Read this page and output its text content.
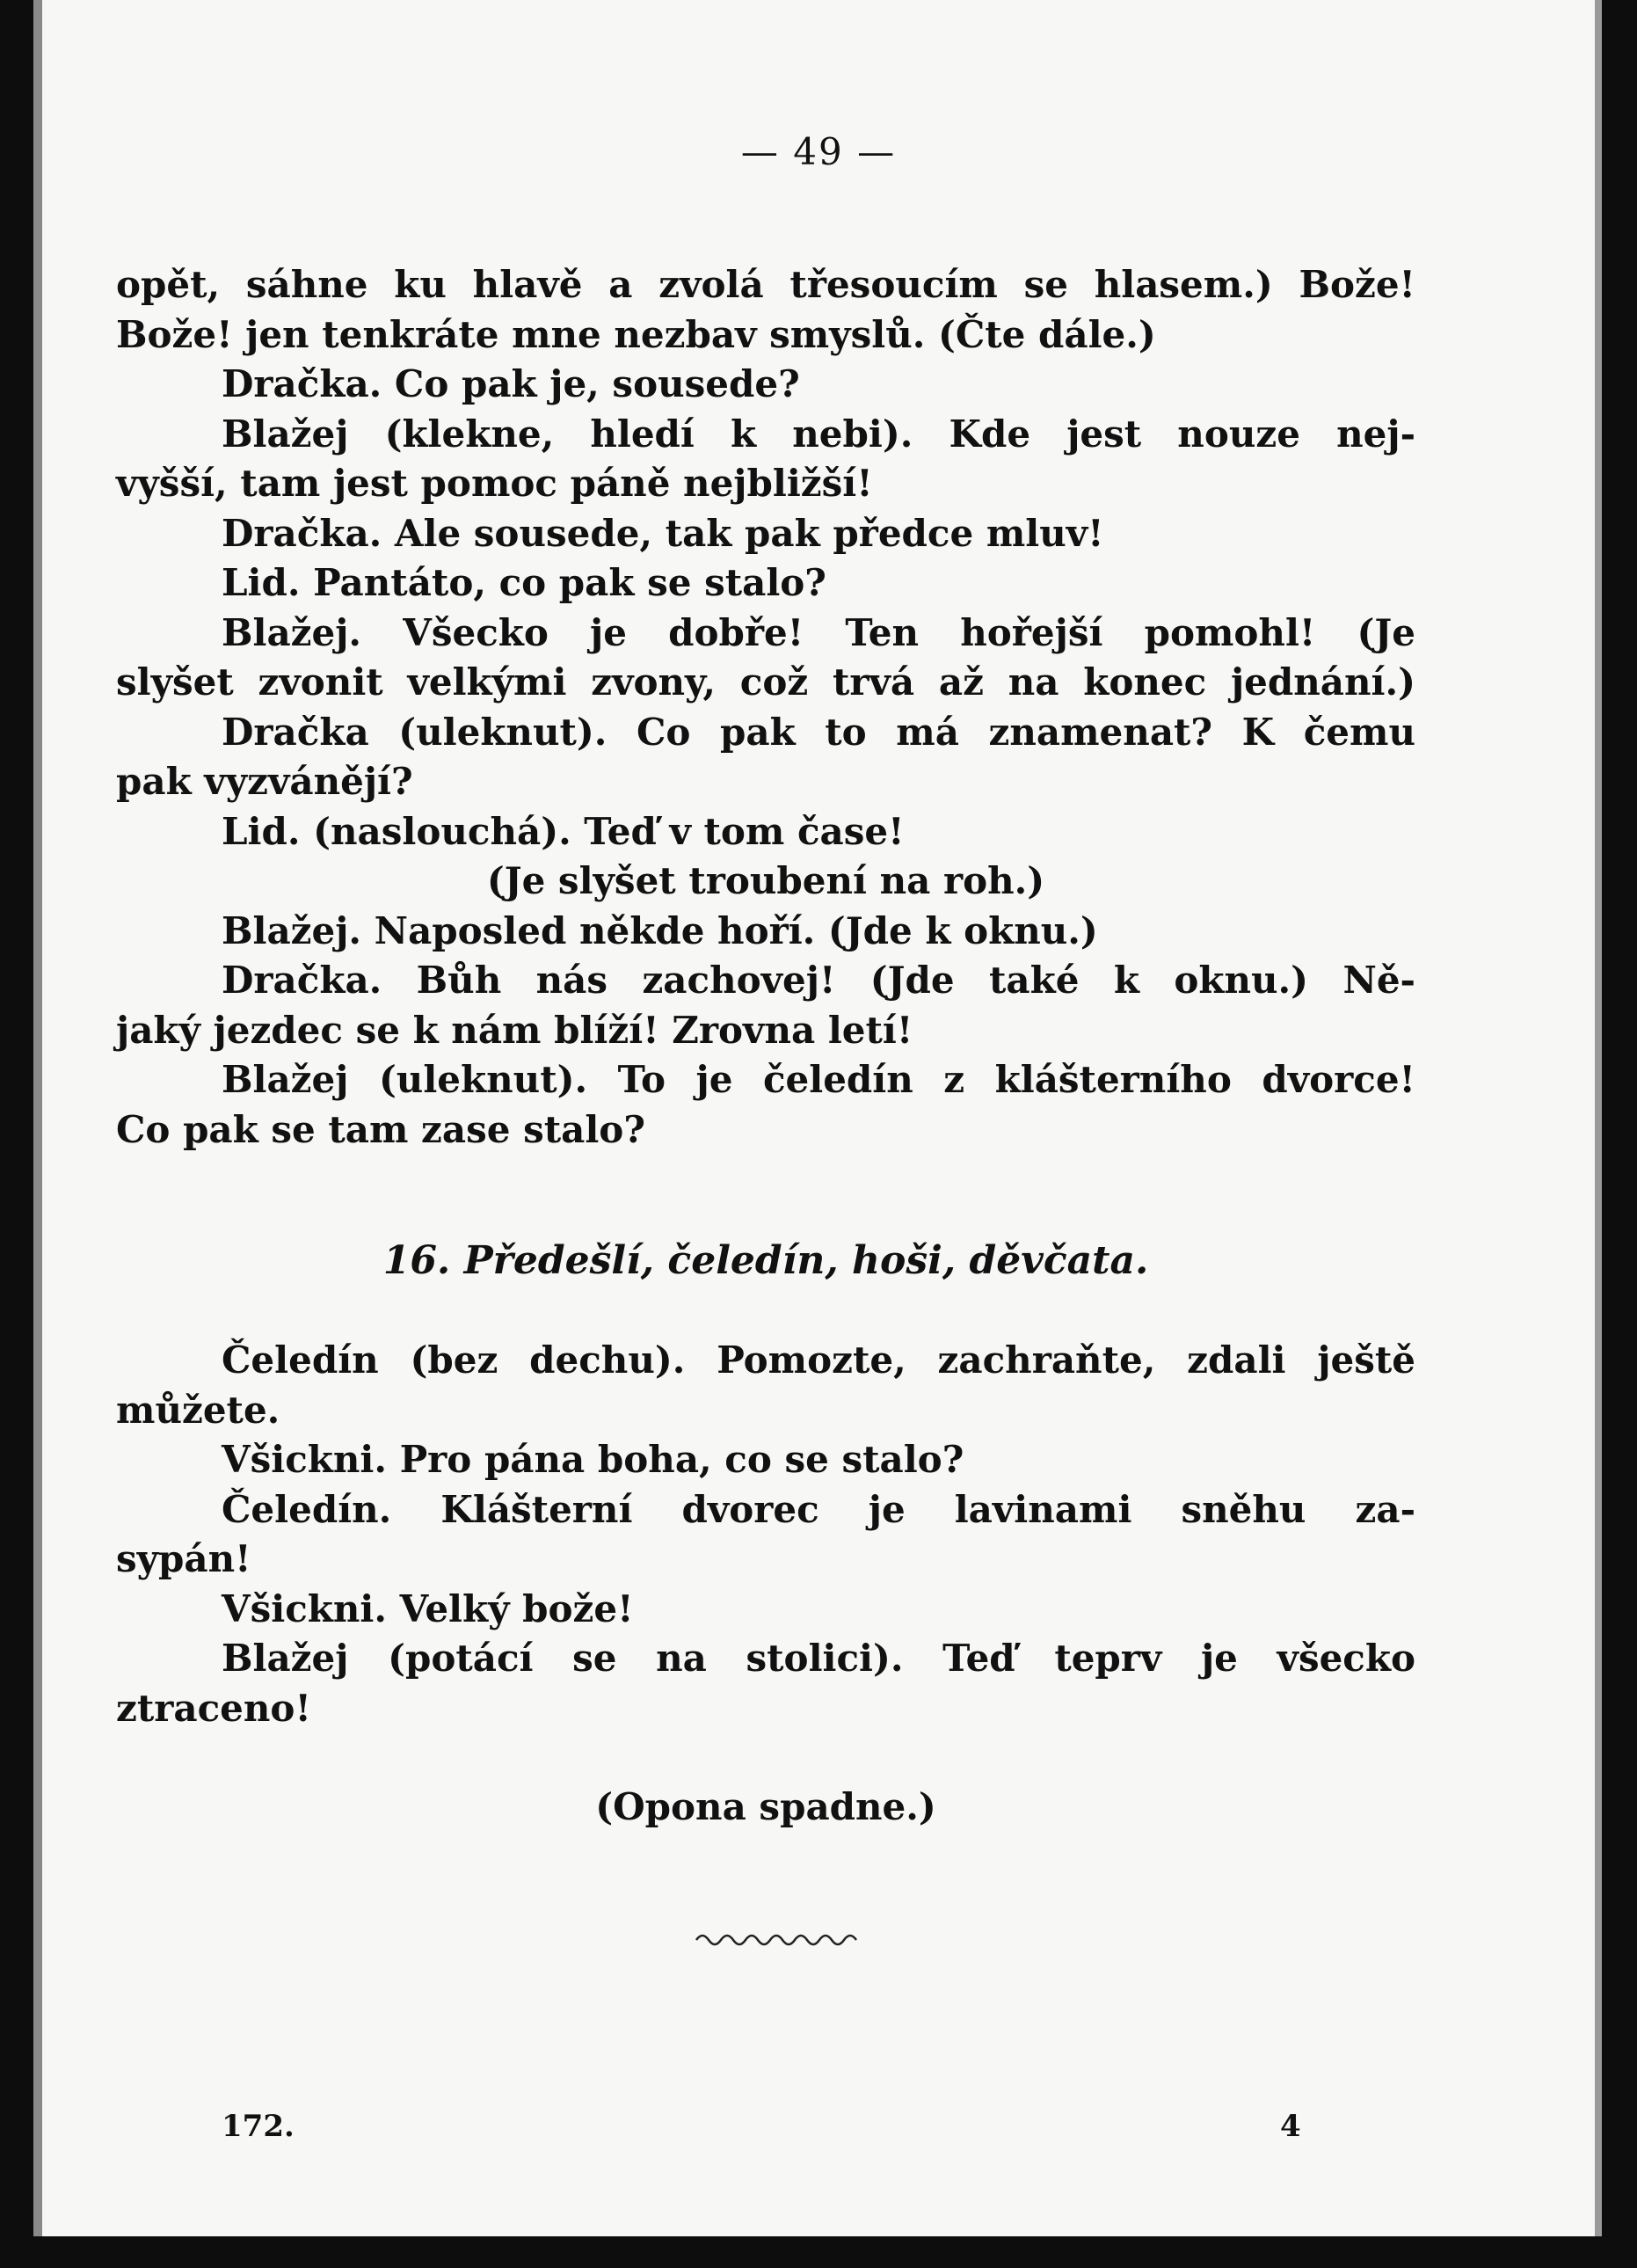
— 49 —
opět, sáhne ku hlavě a zvolá třesoucím se hlasem.) Bože!
Bože! jen tenkráte mne nezbav smyslů. (Čte dále.)
Dračka. Co pak je, sousede?
Blažej (klekne, hledí k nebi). Kde jest nouze nej-
vyšší, tam jest pomoc páně nejbližší!
Dračka. Ale sousede, tak pak předce mluv!
Lid. Pantáto, co pak se stalo?
Blažej. Všecko je dobře! Ten hořejší pomohl! (Je
slyšet zvonit velkými zvony, což trvá až na konec jednání.)
Dračka (uleknut). Co pak to má znamenat? K čemu
pak vyzvánějí?
Lid. (naslouchá). Teď v tom čase!
(Je slyšet troubení na roh.)
Blažej. Naposled někde hoří. (Jde k oknu.)
Dračka. Bůh nás zachovej! (Jde také k oknu.) Ně-
jaký jezdec se k nám blíží! Zrovna letí!
Blažej (uleknut). To je čeledín z klášterního dvorce!
Co pak se tam zase stalo?
16. Předešlí, čeledín, hoši, děvčata.
Čeledín (bez dechu). Pomozte, zachraňte, zdali ještě
můžete.
Všickni. Pro pána boha, co se stalo?
Čeledín. Klášterní dvorec je lavinami sněhu za-
sypán!
Všickni. Velký bože!
Blažej (potácí se na stolici). Teď teprv je všecko
ztraceno!
(Opona spadne.)
172.	4
